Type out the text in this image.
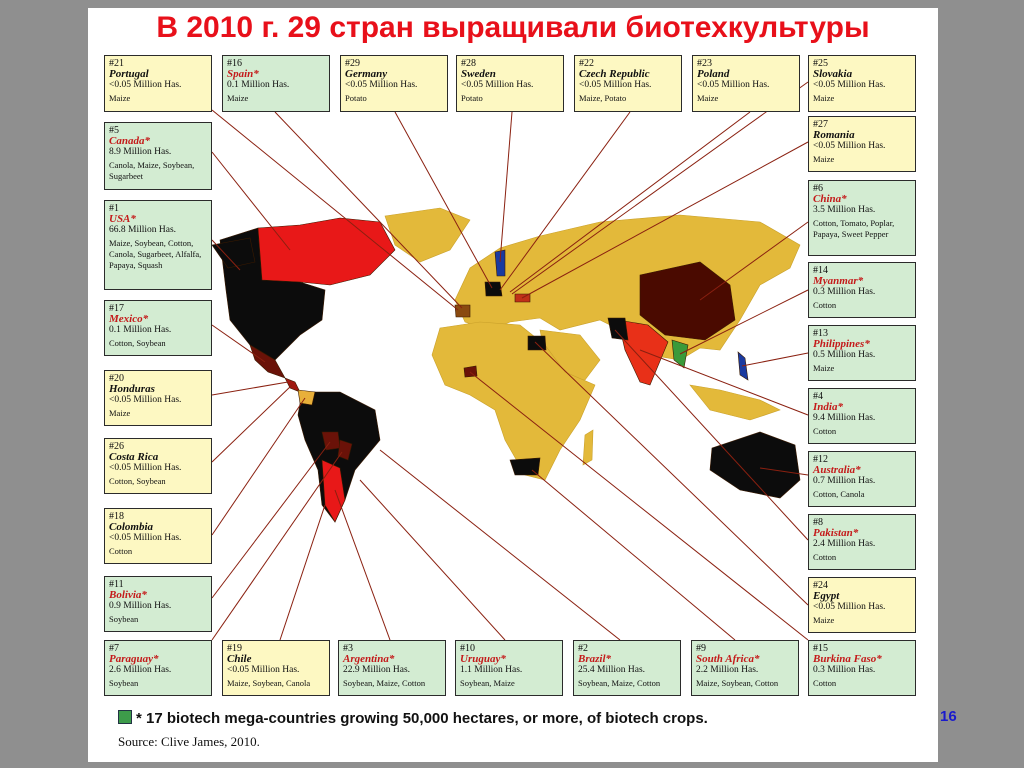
В 2010 г. 29 стран выращивали биотехкультуры
#21
Portugal
<0.05 Million Has.
Maize
#16
Spain*
0.1 Million Has.
Maize
#29
Germany
<0.05 Million Has.
Potato
#28
Sweden
<0.05 Million Has.
Potato
#22
Czech Republic
<0.05 Million Has.
Maize, Potato
#23
Poland
<0.05 Million Has.
Maize
#25
Slovakia
<0.05 Million Has.
Maize
#5
Canada*
8.9 Million Has.
Canola, Maize, Soybean, Sugarbeet
#1
USA*
66.8 Million Has.
Maize, Soybean, Cotton, Canola, Sugarbeet, Alfalfa, Papaya, Squash
#17
Mexico*
0.1 Million Has.
Cotton, Soybean
#20
Honduras
<0.05 Million Has.
Maize
#26
Costa Rica
<0.05 Million Has.
Cotton, Soybean
#18
Colombia
<0.05 Million Has.
Cotton
#11
Bolivia*
0.9 Million Has.
Soybean
#27
Romania
<0.05 Million Has.
Maize
#6
China*
3.5 Million Has.
Cotton, Tomato, Poplar, Papaya, Sweet Pepper
#14
Myanmar*
0.3 Million Has.
Cotton
#13
Philippines*
0.5 Million Has.
Maize
#4
India*
9.4 Million Has.
Cotton
#12
Australia*
0.7 Million Has.
Cotton, Canola
#8
Pakistan*
2.4 Million Has.
Cotton
#24
Egypt
<0.05 Million Has.
Maize
#7
Paraguay*
2.6 Million Has.
Soybean
#19
Chile
<0.05 Million Has.
Maize, Soybean, Canola
#3
Argentina*
22.9 Million Has.
Soybean, Maize, Cotton
#10
Uruguay*
1.1 Million Has.
Soybean, Maize
#2
Brazil*
25.4 Million Has.
Soybean, Maize, Cotton
#9
South Africa*
2.2 Million Has.
Maize, Soybean, Cotton
#15
Burkina Faso*
0.3 Million Has.
Cotton
* 17 biotech mega-countries growing 50,000 hectares, or more, of biotech crops.
Source: Clive James, 2010.
16
